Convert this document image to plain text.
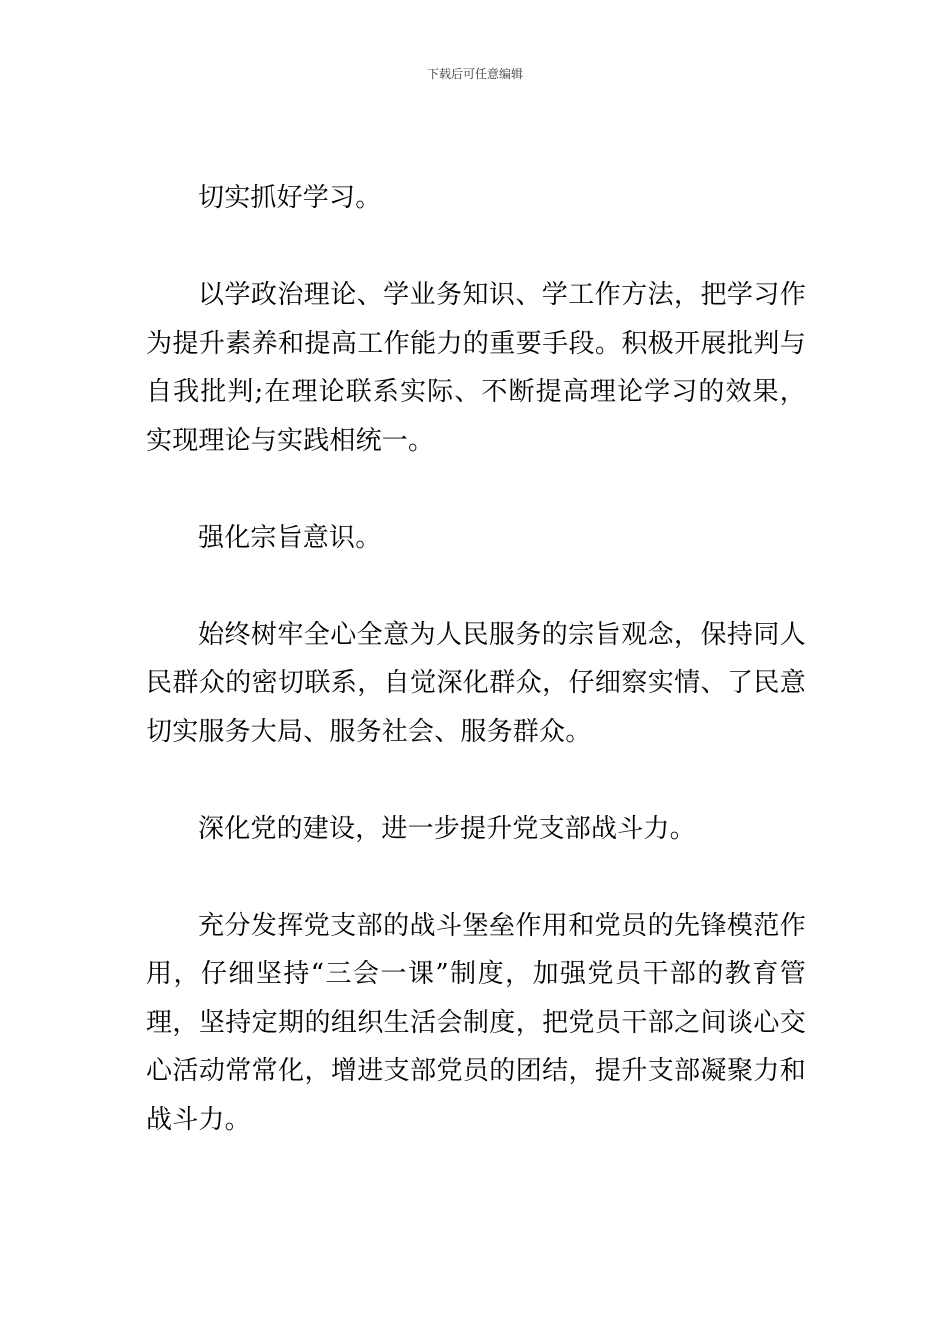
下载后可任意编辑

切实抓好学习。

以学政治理论、学业务知识、学工作方法，把学习作为提升素养和提高工作能力的重要手段。积极开展批判与自我批判;在理论联系实际、不断提高理论学习的效果，实现理论与实践相统一。

强化宗旨意识。

始终树牢全心全意为人民服务的宗旨观念，保持同人民群众的密切联系，自觉深化群众，仔细察实情、了民意切实服务大局、服务社会、服务群众。

深化党的建设，进一步提升党支部战斗力。

充分发挥党支部的战斗堡垒作用和党员的先锋模范作用，仔细坚持“三会一课”制度，加强党员干部的教育管理，坚持定期的组织生活会制度，把党员干部之间谈心交心活动常常化，增进支部党员的团结，提升支部凝聚力和战斗力。
